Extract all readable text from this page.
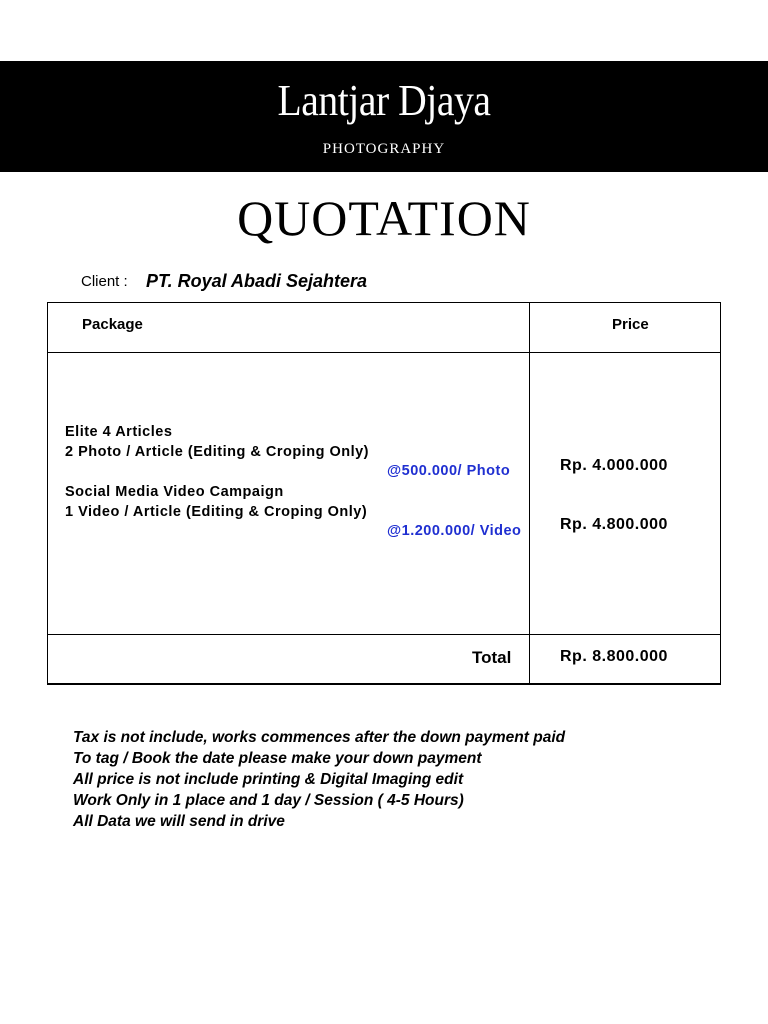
Lantjar Djaya
PHOTOGRAPHY
QUOTATION
Client : PT. Royal Abadi Sejahtera
Package	Price
Elite 4 Articles
2 Photo / Article (Editing & Croping Only)
@500.000/ Photo	Rp. 4.000.000
Social Media Video Campaign
1 Video / Article (Editing & Croping Only)
@1.200.000/ Video Rp. 4.800.000
Total	Rp. 8.800.000
Tax is not include, works commences after the down payment paid
To tag / Book the date please make your down payment
All price is not include printing & Digital Imaging edit
Work Only in 1 place and 1 day / Session ( 4-5 Hours)
All Data we will send in drive
